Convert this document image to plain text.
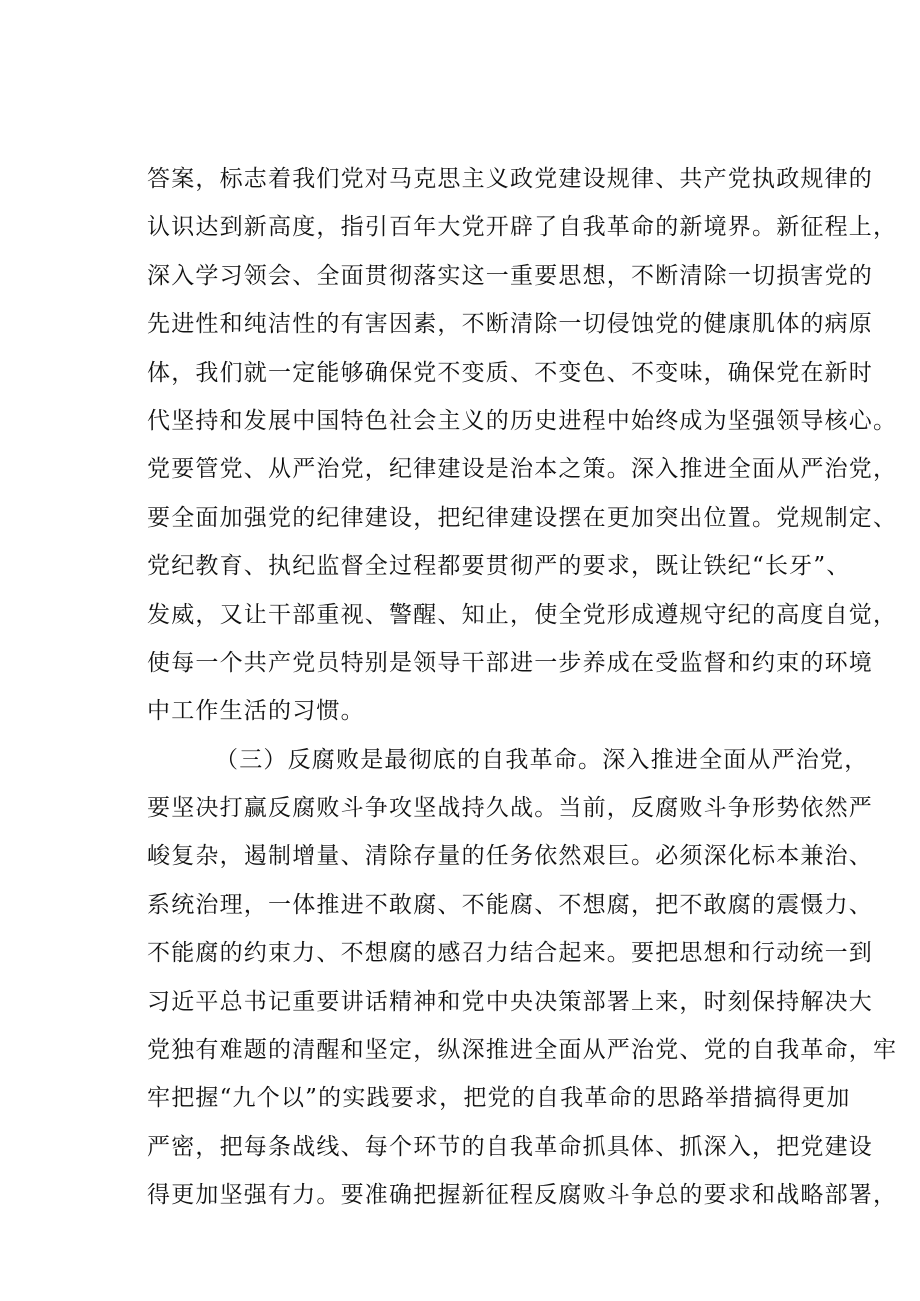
答案，标志着我们党对马克思主义政党建设规律、共产党执政规律的
认识达到新高度，指引百年大党开辟了自我革命的新境界。新征程上，
深入学习领会、全面贯彻落实这一重要思想，不断清除一切损害党的
先进性和纯洁性的有害因素，不断清除一切侵蚀党的健康肌体的病原
体，我们就一定能够确保党不变质、不变色、不变味，确保党在新时
代坚持和发展中国特色社会主义的历史进程中始终成为坚强领导核心。
党要管党、从严治党，纪律建设是治本之策。深入推进全面从严治党，
要全面加强党的纪律建设，把纪律建设摆在更加突出位置。党规制定、
党纪教育、执纪监督全过程都要贯彻严的要求，既让铁纪“长牙”、
发威，又让干部重视、警醒、知止，使全党形成遵规守纪的高度自觉，
使每一个共产党员特别是领导干部进一步养成在受监督和约束的环境
中工作生活的习惯。
（三）反腐败是最彻底的自我革命。深入推进全面从严治党，
要坚决打赢反腐败斗争攻坚战持久战。当前，反腐败斗争形势依然严
峻复杂，遏制增量、清除存量的任务依然艰巨。必须深化标本兼治、
系统治理，一体推进不敢腐、不能腐、不想腐，把不敢腐的震慑力、
不能腐的约束力、不想腐的感召力结合起来。要把思想和行动统一到
习近平总书记重要讲话精神和党中央决策部署上来，时刻保持解决大
党独有难题的清醒和坚定，纵深推进全面从严治党、党的自我革命，牢
牢把握“九个以”的实践要求，把党的自我革命的思路举措搞得更加
严密，把每条战线、每个环节的自我革命抓具体、抓深入，把党建设
得更加坚强有力。要准确把握新征程反腐败斗争总的要求和战略部署，
